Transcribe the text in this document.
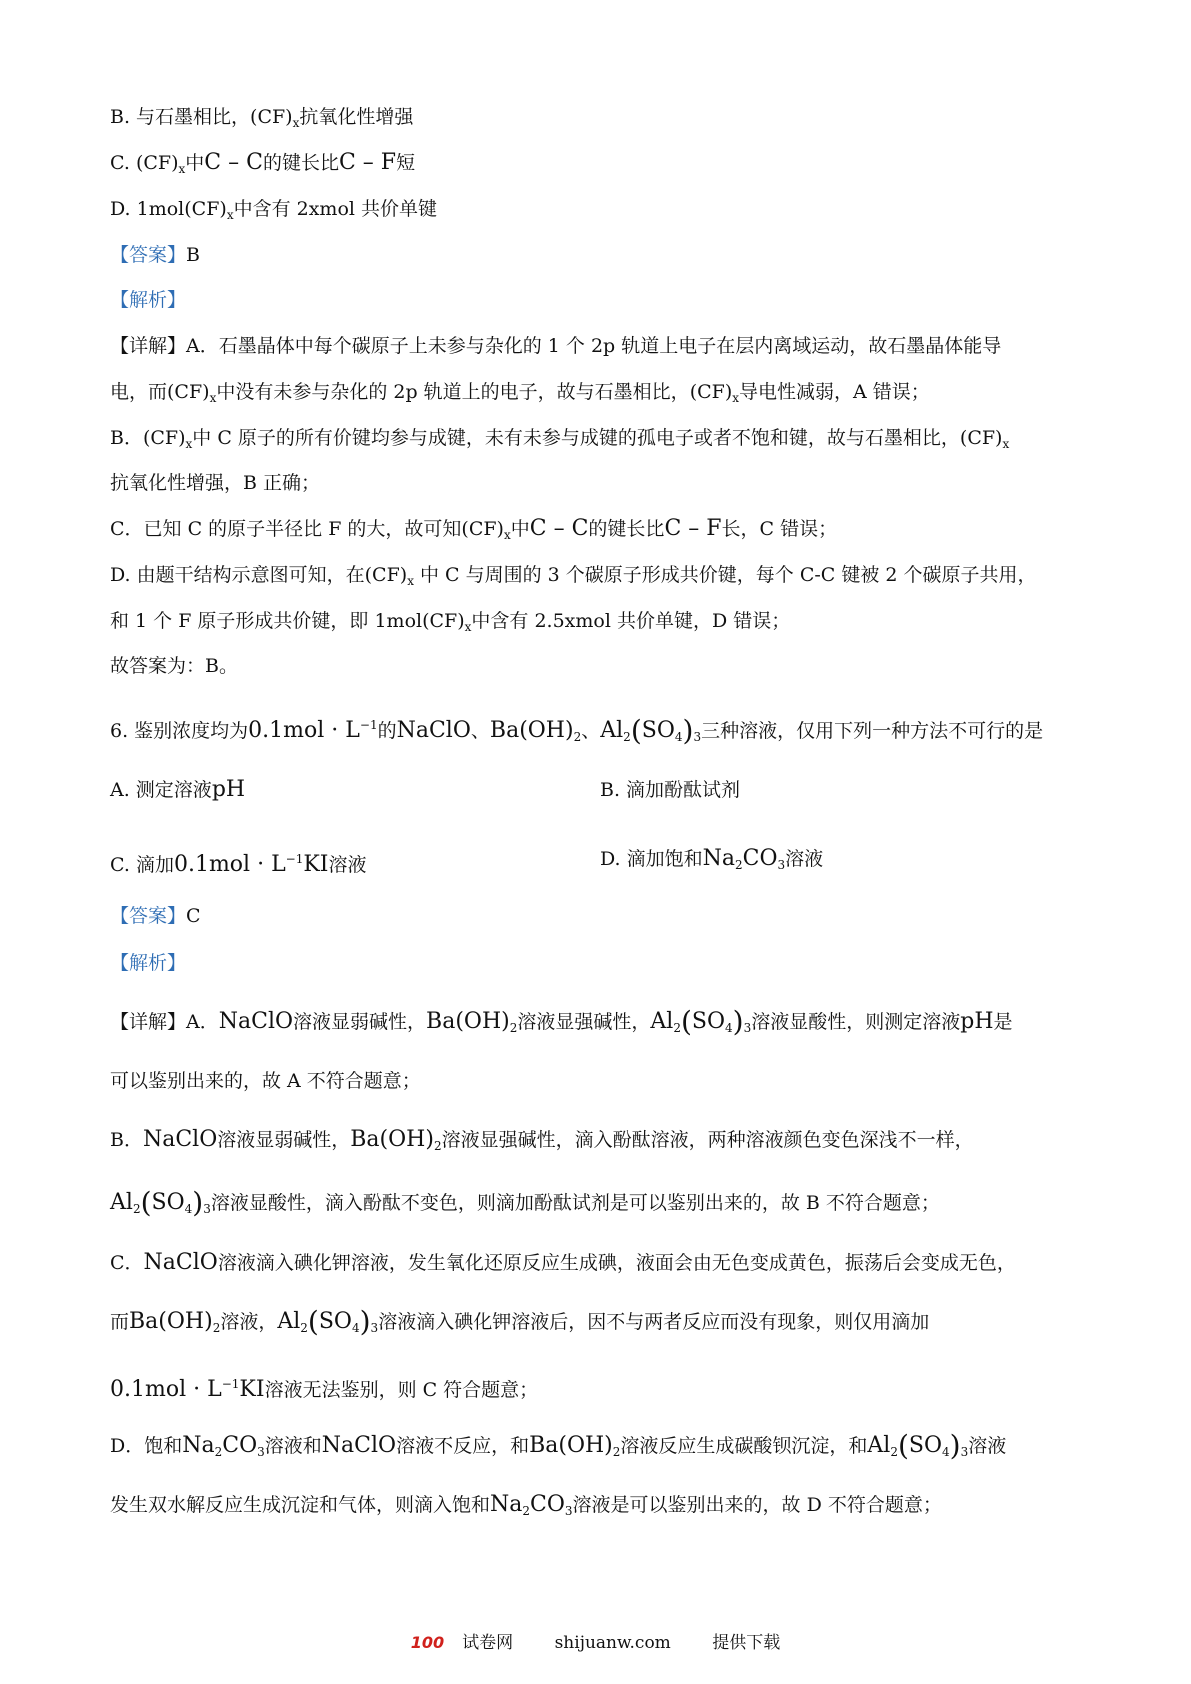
B. 与石墨相比，$(CF)_x$抗氧化性增强
C. $(CF)_x$中C – C的键长比C – F短
D. $1mol(CF)_x$中含有 2xmol 共价单键
【答案】B
【解析】
【详解】A．石墨晶体中每个碳原子上未参与杂化的 1 个 2p 轨道上电子在层内离域运动，故石墨晶体能导
电，而$(CF)_x$中没有未参与杂化的 2p 轨道上的电子，故与石墨相比，$(CF)_x$导电性减弱，A 错误；
B．$(CF)_x$中 C 原子的所有价键均参与成键，未有未参与成键的孤电子或者不饱和键，故与石墨相比，$(CF)_x$
抗氧化性增强，B 正确；
C．已知 C 的原子半径比 F 的大，故可知$(CF)_x$中C – C的键长比C – F长，C 错误；
D. 由题干结构示意图可知，在$(CF)_x$ 中 C 与周围的 3 个碳原子形成共价键，每个 C-C 键被 2 个碳原子共用，
和 1 个 F 原子形成共价键，即 $1mol(CF)_x$中含有 2.5xmol 共价单键，D 错误；
故答案为：B。
6. 鉴别浓度均为$0.1mol \cdot L^{-1}$的NaClO、$Ba(OH)_2$、$Al_2(SO_4)_3$三种溶液，仅用下列一种方法不可行的是
A. 测定溶液pH	B. 滴加酚酞试剂
C. 滴加$0.1mol \cdot L^{-1}KI$溶液	D. 滴加饱和$Na_2CO_3$溶液
【答案】C
【解析】
【详解】A．NaClO溶液显弱碱性，$Ba(OH)_2$溶液显强碱性，$Al_2(SO_4)_3$溶液显酸性，则测定溶液pH是
可以鉴别出来的，故 A 不符合题意；
B．NaClO溶液显弱碱性，$Ba(OH)_2$溶液显强碱性，滴入酚酞溶液，两种溶液颜色变色深浅不一样，
$Al_2(SO_4)_3$溶液显酸性，滴入酚酞不变色，则滴加酚酞试剂是可以鉴别出来的，故 B 不符合题意；
C．NaClO溶液滴入碘化钾溶液，发生氧化还原反应生成碘，液面会由无色变成黄色，振荡后会变成无色，
而$Ba(OH)_2$溶液，$Al_2(SO_4)_3$溶液滴入碘化钾溶液后，因不与两者反应而没有现象，则仅用滴加
$0.1mol \cdot L^{-1}KI$溶液无法鉴别，则 C 符合题意；
D．饱和$Na_2CO_3$溶液和NaClO溶液不反应，和$Ba(OH)_2$溶液反应生成碳酸钡沉淀，和$Al_2(SO_4)_3$溶液
发生双水解反应生成沉淀和气体，则滴入饱和$Na_2CO_3$溶液是可以鉴别出来的，故 D 不符合题意；
100 试卷网 shijuanw.com 提供下载
